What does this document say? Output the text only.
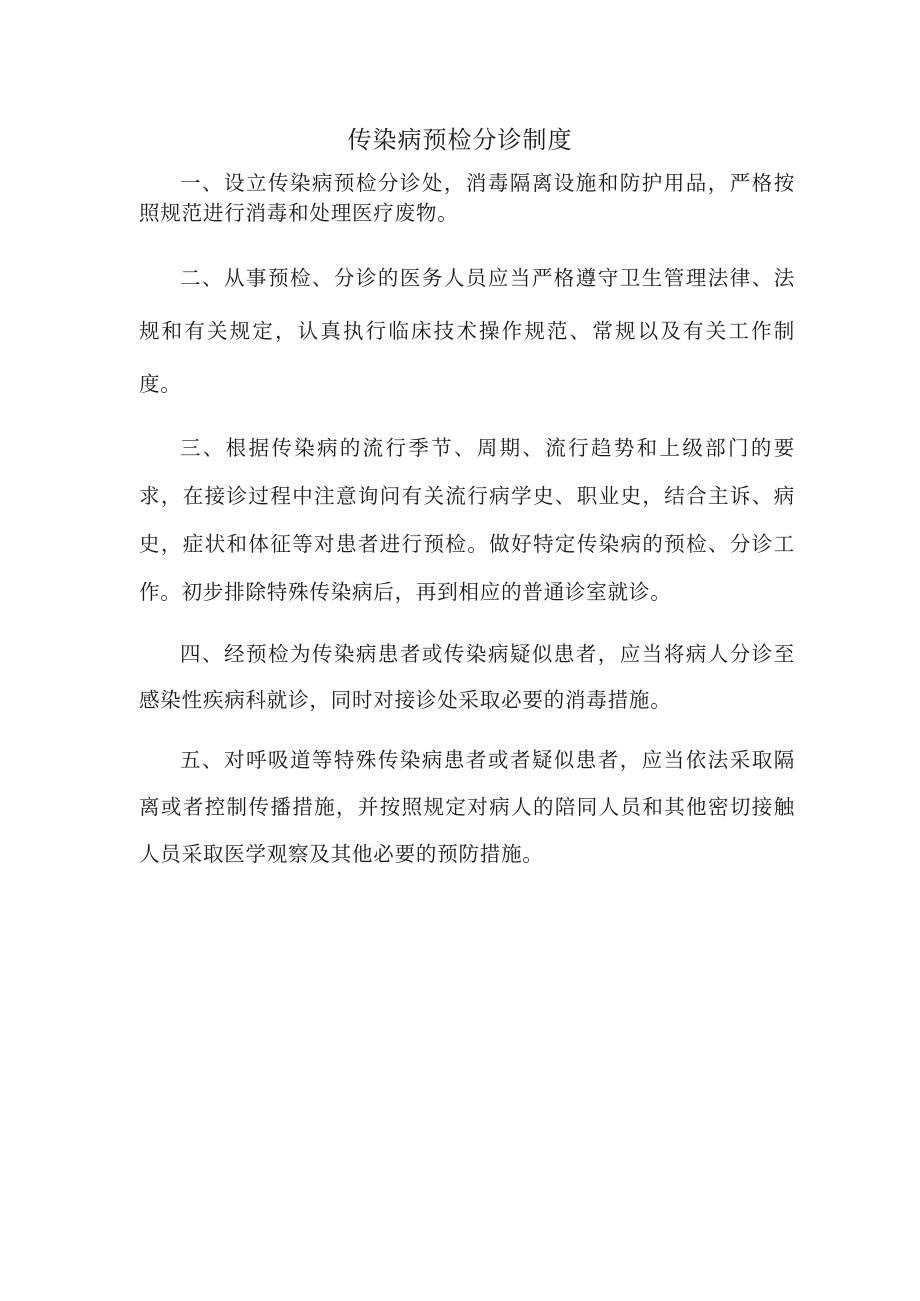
传染病预检分诊制度

一、设立传染病预检分诊处，消毒隔离设施和防护用品，严格按照规范进行消毒和处理医疗废物。

二、从事预检、分诊的医务人员应当严格遵守卫生管理法律、法规和有关规定，认真执行临床技术操作规范、常规以及有关工作制度。

三、根据传染病的流行季节、周期、流行趋势和上级部门的要求，在接诊过程中注意询问有关流行病学史、职业史，结合主诉、病史，症状和体征等对患者进行预检。做好特定传染病的预检、分诊工作。初步排除特殊传染病后，再到相应的普通诊室就诊。

四、经预检为传染病患者或传染病疑似患者，应当将病人分诊至感染性疾病科就诊，同时对接诊处采取必要的消毒措施。

五、对呼吸道等特殊传染病患者或者疑似患者，应当依法采取隔离或者控制传播措施，并按照规定对病人的陪同人员和其他密切接触人员采取医学观察及其他必要的预防措施。
